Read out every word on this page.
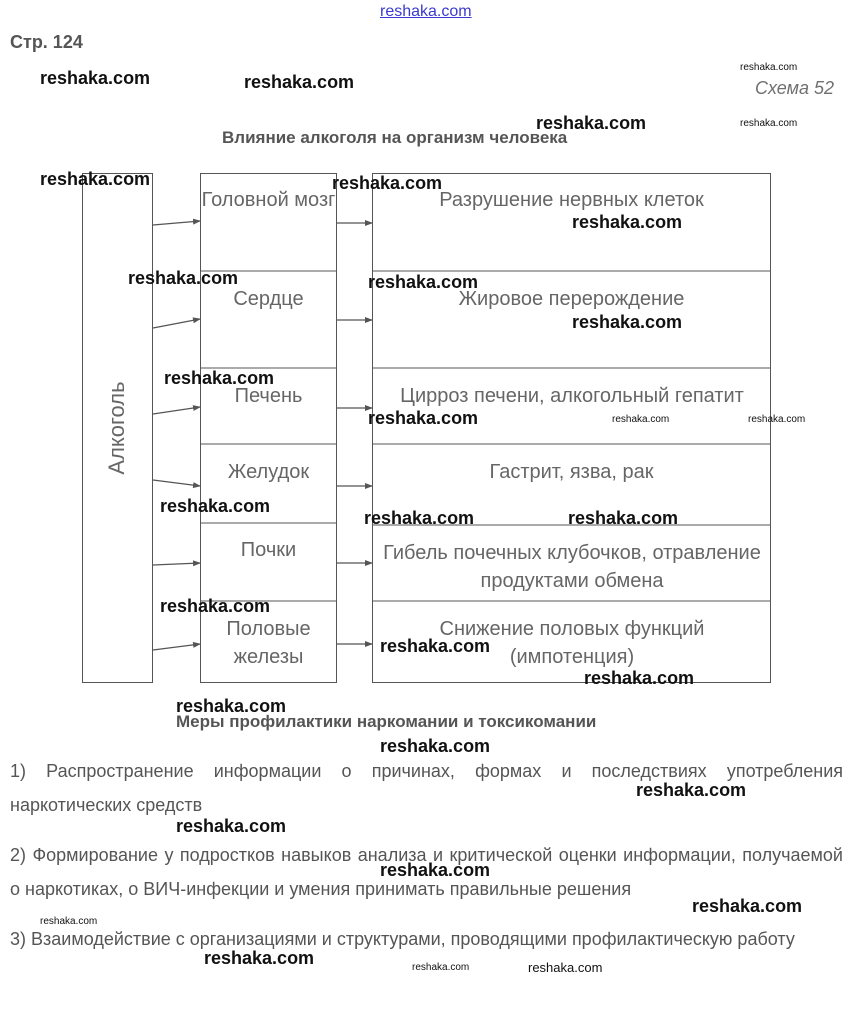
reshaka.com
Стр. 124
Схема 52
Влияние алкоголя на организм человека
Алкоголь
Головной мозг
Сердце
Печень
Желудок
Почки
Половые железы
Разрушение нервных клеток
Жировое перерождение
Цирроз печени, алкогольный гепатит
Гастрит, язва, рак
Гибель почечных клубочков, отравление продуктами обмена
Снижение половых функций (импотенция)
Меры профилактики наркомании и токсикомании
1) Распространение информации о причинах, формах и последствиях употребления наркотических средств
2) Формирование у подростков навыков анализа и критической оценки информации, получаемой о наркотиках, о ВИЧ-инфекции и умения принимать правильные решения
3) Взаимодействие с организациями и структурами, проводящими профилактическую работу
reshaka.com	reshaka.com
reshaka.com
reshaka.com	reshaka.com
reshaka.com	reshaka.com
reshaka.com
reshaka.com	reshaka.com
reshaka.com
reshaka.com
reshaka.com	reshaka.com	reshaka.com
reshaka.com
reshaka.com	reshaka.com
reshaka.com
reshaka.com
reshaka.com
reshaka.com
reshaka.com
reshaka.com
reshaka.com
reshaka.com
reshaka.com
reshaka.com
reshaka.com	reshaka.com	reshaka.com
